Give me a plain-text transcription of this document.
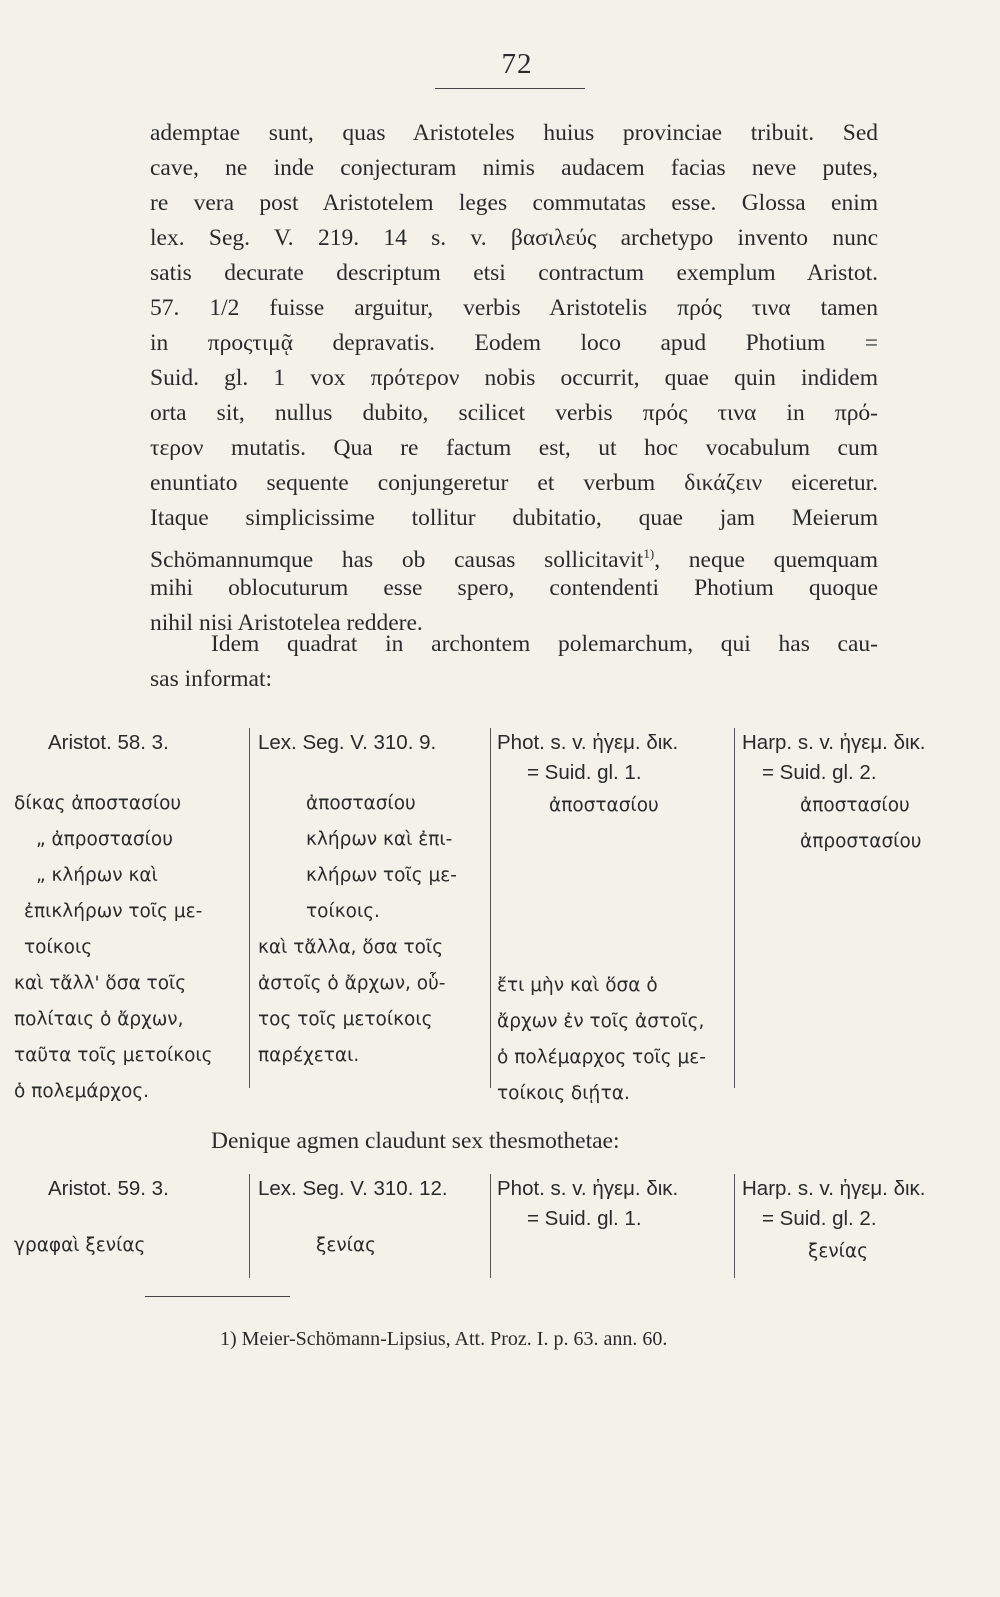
72
ademptae sunt, quas Aristoteles huius provinciae tribuit. Sed
cave, ne inde conjecturam nimis audacem facias neve putes,
re vera post Aristotelem leges commutatas esse. Glossa enim
lex. Seg. V. 219. 14 s. v. βασιλεύς archetypo invento nunc
satis decurate descriptum etsi contractum exemplum Aristot.
57. 1/2 fuisse arguitur, verbis Aristotelis πρός τινα tamen
in προςτιμᾷ depravatis. Eodem loco apud Photium =
Suid. gl. 1 vox πρότερον nobis occurrit, quae quin indidem
orta sit, nullus dubito, scilicet verbis πρός τινα in πρό-
τερον mutatis. Qua re factum est, ut hoc vocabulum cum
enuntiato sequente conjungeretur et verbum δικάζειν eiceretur.
Itaque simplicissime tollitur dubitatio, quae jam Meierum
Schömannumque has ob causas sollicitavit$^{1)}$, neque quemquam
mihi oblocuturum esse spero, contendenti Photium quoque
nihil nisi Aristotelea reddere.
Idem quadrat in archontem polemarchum, qui has cau-
sas informat:
Aristot. 58. 3.
δίκας ἀποστασίου
„ ἀπροστασίου
„ κλήρων καὶ
ἐπικλήρων τοῖς με-
τοίκοις
καὶ τἄλλ' ὅσα τοῖς
πολίταις ὁ ἄρχων,
ταῦτα τοῖς μετοίκοις
ὁ πολεμάρχος.
Lex. Seg. V. 310. 9.
ἀποστασίου
κλήρων καὶ ἐπι-
κλήρων τοῖς με-
τοίκοις.
καὶ τἄλλα, ὅσα τοῖς
ἀστοῖς ὁ ἄρχων, οὗ-
τος τοῖς μετοίκοις
παρέχεται.
Phot. s. v. ἡγεμ. δικ.
= Suid. gl. 1.
ἀποστασίου

ἔτι μὴν καὶ ὅσα ὁ
ἄρχων ἐν τοῖς ἀστοῖς,
ὁ πολέμαρχος τοῖς με-
τοίκοις διῄτα.
Harp. s. v. ἡγεμ. δικ.
= Suid. gl. 2.
ἀποστασίου
ἀπροστασίου
Denique agmen claudunt sex thesmothetae:
Aristot. 59. 3.
γραφαὶ ξενίας
Lex. Seg. V. 310. 12.
ξενίας
Phot. s. v. ἡγεμ. δικ.
= Suid. gl. 1.
Harp. s. v. ἡγεμ. δικ.
= Suid. gl. 2.
ξενίας
1) Meier-Schömann-Lipsius, Att. Proz. I. p. 63. ann. 60.
